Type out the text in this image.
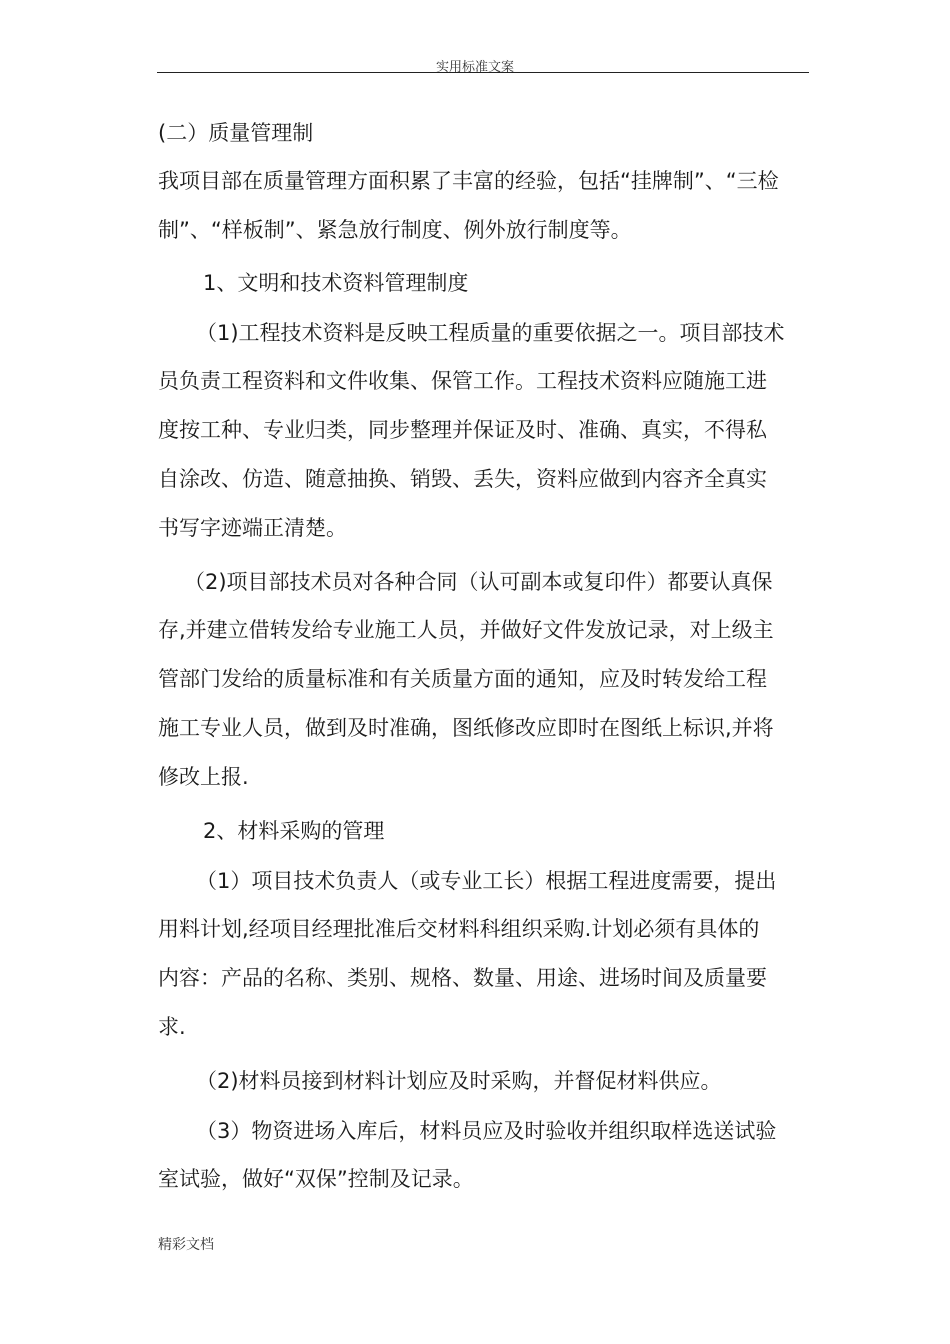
实用标准文案
(二）质量管理制
我项目部在质量管理方面积累了丰富的经验，包括“挂牌制”、“三检
制”、“样板制”、紧急放行制度、例外放行制度等。
1、文明和技术资料管理制度
（1)工程技术资料是反映工程质量的重要依据之一。项目部技术
员负责工程资料和文件收集、保管工作。工程技术资料应随施工进
度按工种、专业归类，同步整理并保证及时、准确、真实，不得私
自涂改、仿造、随意抽换、销毁、丢失，资料应做到内容齐全真实
书写字迹端正清楚。
（2)项目部技术员对各种合同（认可副本或复印件）都要认真保
存,并建立借转发给专业施工人员，并做好文件发放记录，对上级主
管部门发给的质量标准和有关质量方面的通知，应及时转发给工程
施工专业人员，做到及时准确，图纸修改应即时在图纸上标识,并将
修改上报.
2、材料采购的管理
（1）项目技术负责人（或专业工长）根据工程进度需要，提出
用料计划,经项目经理批准后交材料科组织采购.计划必须有具体的
内容：产品的名称、类别、规格、数量、用途、进场时间及质量要
求.
（2)材料员接到材料计划应及时采购，并督促材料供应。
（3）物资进场入库后，材料员应及时验收并组织取样选送试验
室试验，做好“双保”控制及记录。
精彩文档
